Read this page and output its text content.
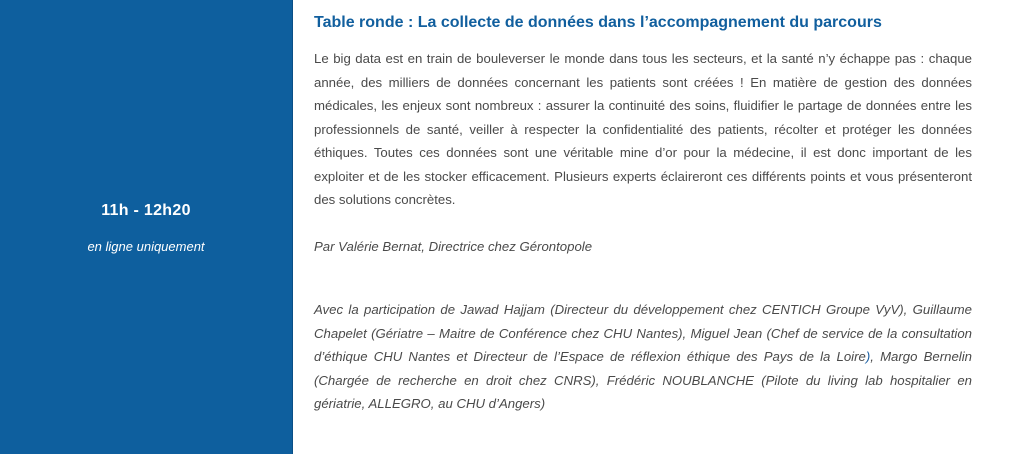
11h - 12h20
en ligne uniquement
Table ronde : La collecte de données dans l’accompagnement du parcours

Le big data est en train de bouleverser le monde dans tous les secteurs, et la santé n’y échappe pas : chaque année, des milliers de données concernant les patients sont créées ! En matière de gestion des données médicales, les enjeux sont nombreux : assurer la continuité des soins, fluidifier le partage de données entre les professionnels de santé, veiller à respecter la confidentialité des patients, récolter et protéger les données éthiques. Toutes ces données sont une véritable mine d’or pour la médecine, il est donc important de les exploiter et de les stocker efficacement. Plusieurs experts éclaireront ces différents points et vous présenteront des solutions concrètes.

Par Valérie Bernat, Directrice chez Gérontopole

Avec la participation de Jawad Hajjam (Directeur du développement chez CENTICH Groupe VyV), Guillaume Chapelet (Gériatre – Maitre de Conférence chez CHU Nantes), Miguel Jean (Chef de service de la consultation d’éthique CHU Nantes et Directeur de l’Espace de réflexion éthique des Pays de la Loire), Margo Bernelin (Chargée de recherche en droit chez CNRS), Frédéric NOUBLANCHE (Pilote du living lab hospitalier en gériatrie, ALLEGRO, au CHU d’Angers)
